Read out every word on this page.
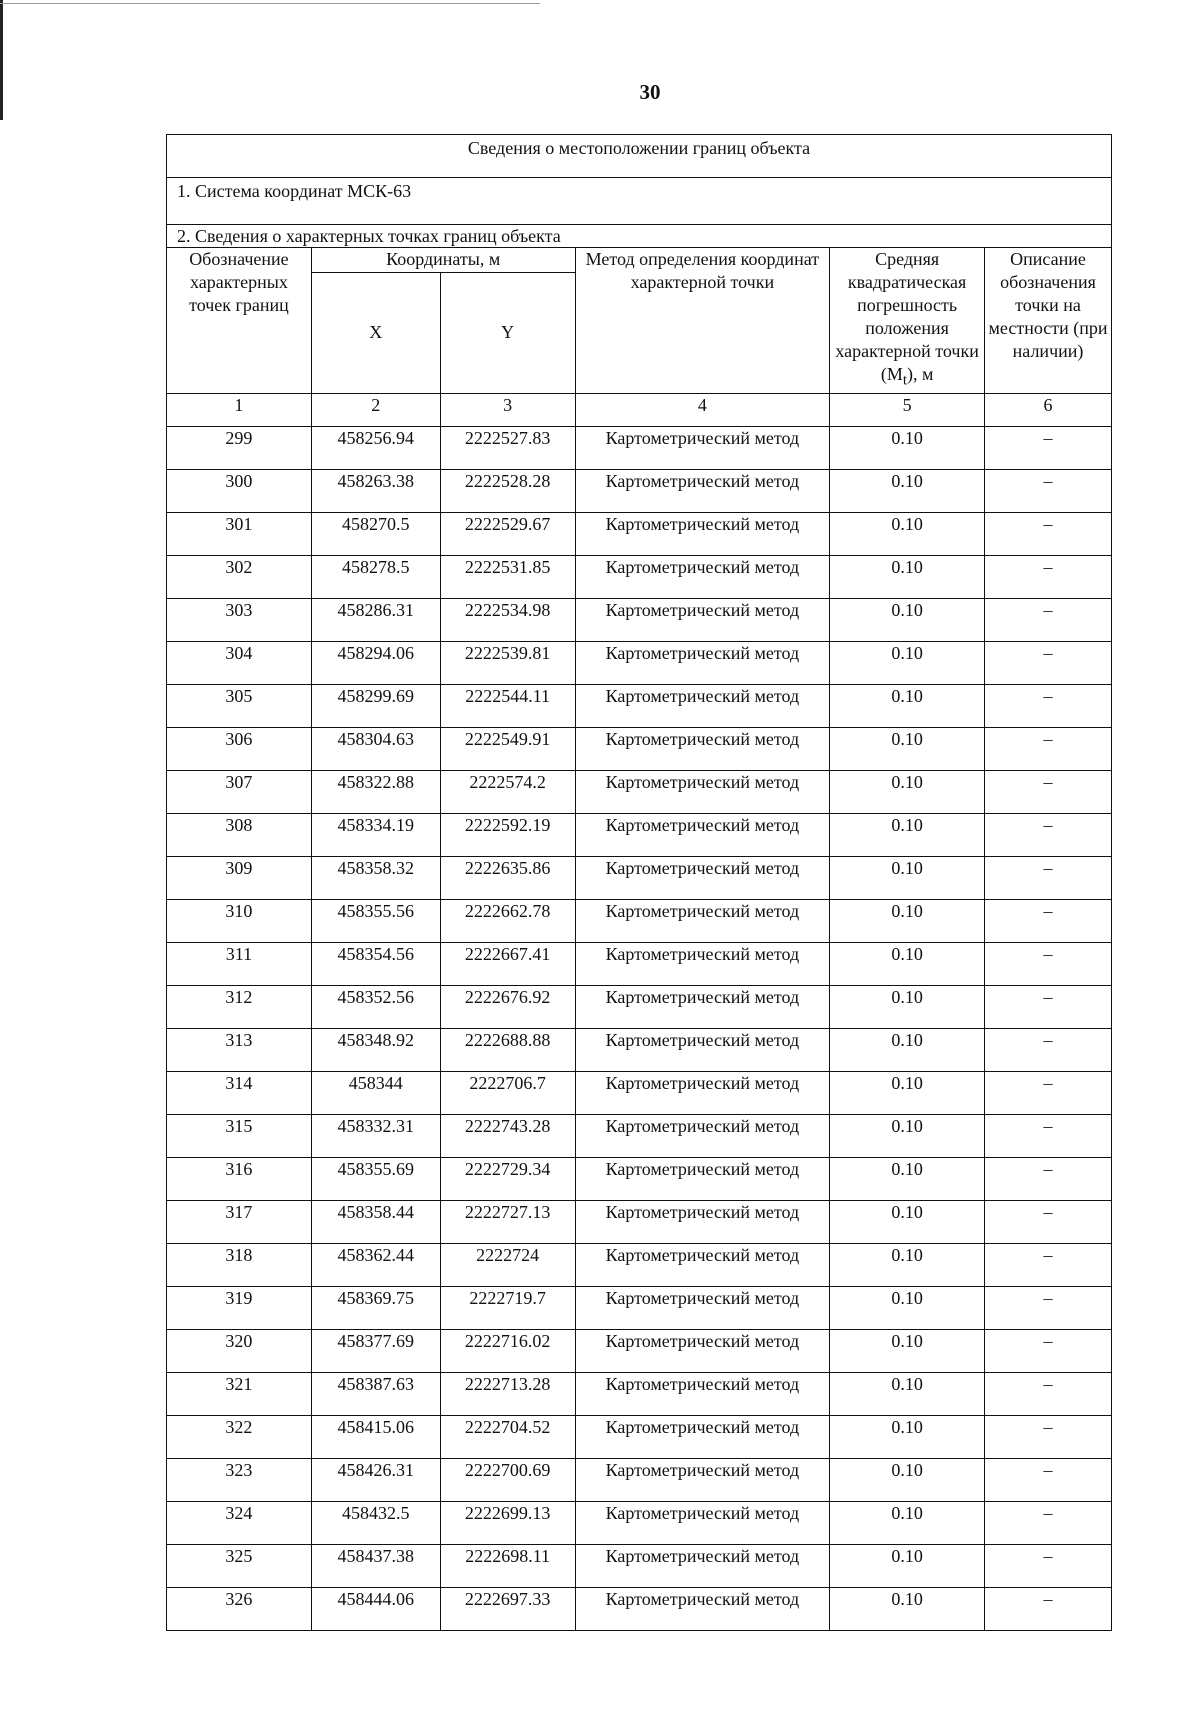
30
Сведения о местоположении границ объекта					
1. Система координат МСК-63					
2. Сведения о характерных точках границ объекта					
Обозначение характерных точек границ	Координаты, м		Метод определения координат характерной точки	Средняя квадратическая погрешность положения характерной точки $(M_t)$, м	Описание обозначения точки на местности (при наличии)
	X	Y			
1	2	3	4	5	6
299	458256.94	2222527.83	Картометрический метод	0.10	–
300	458263.38	2222528.28	Картометрический метод	0.10	–
301	458270.5	2222529.67	Картометрический метод	0.10	–
302	458278.5	2222531.85	Картометрический метод	0.10	–
303	458286.31	2222534.98	Картометрический метод	0.10	–
304	458294.06	2222539.81	Картометрический метод	0.10	–
305	458299.69	2222544.11	Картометрический метод	0.10	–
306	458304.63	2222549.91	Картометрический метод	0.10	–
307	458322.88	2222574.2	Картометрический метод	0.10	–
308	458334.19	2222592.19	Картометрический метод	0.10	–
309	458358.32	2222635.86	Картометрический метод	0.10	–
310	458355.56	2222662.78	Картометрический метод	0.10	–
311	458354.56	2222667.41	Картометрический метод	0.10	–
312	458352.56	2222676.92	Картометрический метод	0.10	–
313	458348.92	2222688.88	Картометрический метод	0.10	–
314	458344	2222706.7	Картометрический метод	0.10	–
315	458332.31	2222743.28	Картометрический метод	0.10	–
316	458355.69	2222729.34	Картометрический метод	0.10	–
317	458358.44	2222727.13	Картометрический метод	0.10	–
318	458362.44	2222724	Картометрический метод	0.10	–
319	458369.75	2222719.7	Картометрический метод	0.10	–
320	458377.69	2222716.02	Картометрический метод	0.10	–
321	458387.63	2222713.28	Картометрический метод	0.10	–
322	458415.06	2222704.52	Картометрический метод	0.10	–
323	458426.31	2222700.69	Картометрический метод	0.10	–
324	458432.5	2222699.13	Картометрический метод	0.10	–
325	458437.38	2222698.11	Картометрический метод	0.10	–
326	458444.06	2222697.33	Картометрический метод	0.10	–
